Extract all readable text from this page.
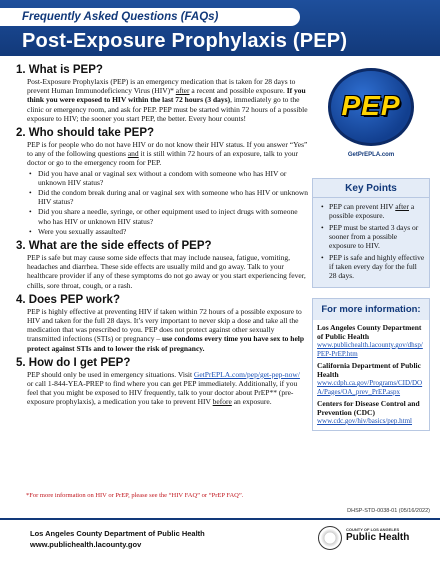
Frequently Asked Questions (FAQs)
Post-Exposure Prophylaxis (PEP)
1. What is PEP?
Post-Exposure Prophylaxis (PEP) is an emergency medication that is taken for 28 days to prevent Human Immunodeficiency Virus (HIV)* after a recent and possible exposure. If you think you were exposed to HIV within the last 72 hours (3 days), immediately go to the clinic or emergency room, and ask for PEP. PEP must be started within 72 hours of a possible exposure to HIV; the sooner you start PEP, the better. Every hour counts!
2. Who should take PEP?
PEP is for people who do not have HIV or do not know their HIV status. If you answer “Yes” to any of the following questions and it is still within 72 hours of an exposure, talk to your doctor or go to the emergency room for PEP.
• Did you have anal or vaginal sex without a condom with someone who has HIV or unknown HIV status?
• Did the condom break during anal or vaginal sex with someone who has HIV or unknown HIV status?
• Did you share a needle, syringe, or other equipment used to inject drugs with someone who has HIV or unknown HIV status?
• Were you sexually assaulted?
3. What are the side effects of PEP?
PEP is safe but may cause some side effects that may include nausea, fatigue, vomiting, headaches and diarrhea. These side effects are usually mild and go away. Talk to your healthcare provider if any of these symptoms do not go away or you start experiencing fever, chills, sore throat, cough, or a rash.
4. Does PEP work?
PEP is highly effective at preventing HIV if taken within 72 hours of a possible exposure to HIV and taken for the full 28 days. It’s very important to never skip a dose and take all the medication that was prescribed to you. PEP does not protect against other sexually transmitted infections (STIs) or pregnancy – use condoms every time you have sex to help protect against STIs and to lower the risk of pregnancy.
5. How do I get PEP?
PEP should only be used in emergency situations. Visit GetPrEPLA.com/pep/get-pep-now/ or call 1-844-YEA-PREP to find where you can get PEP immediately. Additionally, if you feel that you might be exposed to HIV frequently, talk to your doctor about PrEP** (pre-exposure prophylaxis), a medication you take to prevent HIV before an exposure.
PEP
GetPrEPLA.com
Key Points
• PEP can prevent HIV after a possible exposure.
• PEP must be started 3 days or sooner from a possible exposure to HIV.
• PEP is safe and highly effective if taken every day for the full 28 days.
For more information:
Los Angeles County Department of Public Health
www.publichealth.lacounty.gov/dhsp/PEP-PrEP.htm
California Department of Public Health
www.cdph.ca.gov/Programs/CID/DOA/Pages/OA_prev_PrEP.aspx
Centers for Disease Control and Prevention (CDC)
www.cdc.gov/hiv/basics/pep.html
*For more information on HIV or PrEP, please see the “HIV FAQ” or “PrEP FAQ”.
DHSP-STD-0038-01 (05/16/2022)
Los Angeles County Department of Public Health
www.publichealth.lacounty.gov
COUNTY OF LOS ANGELES
Public Health
